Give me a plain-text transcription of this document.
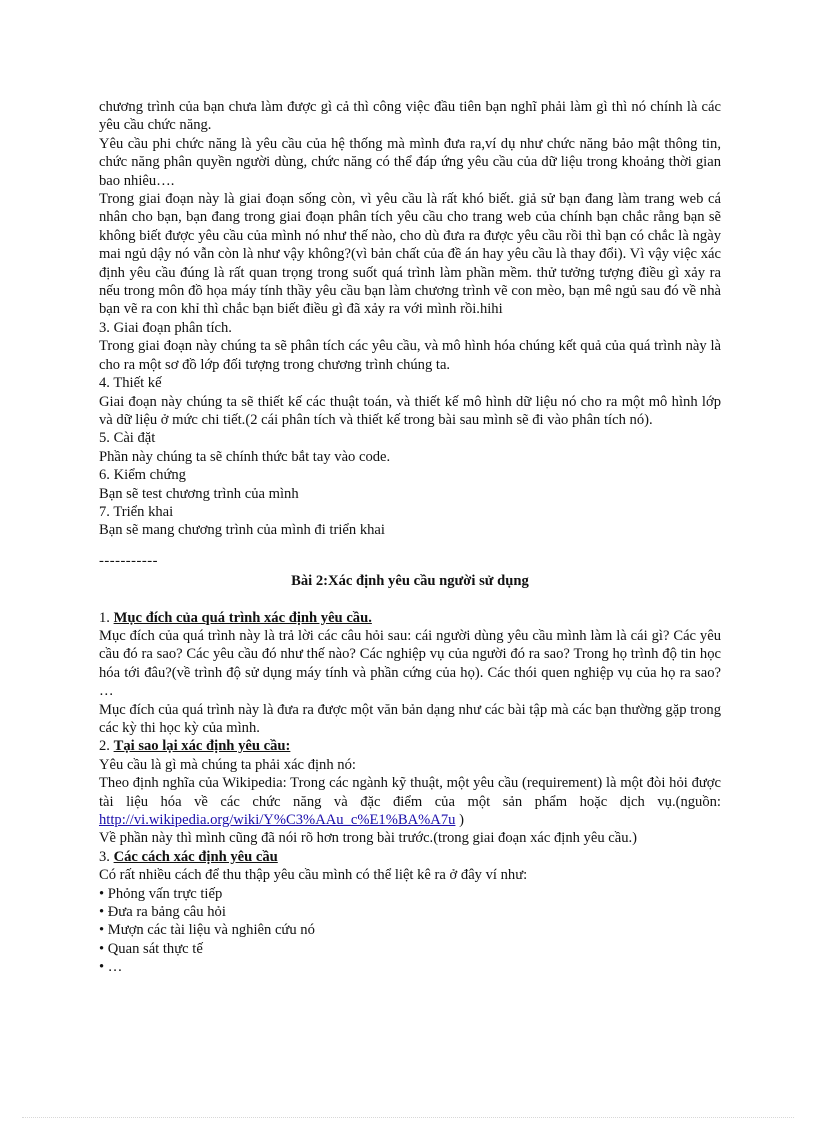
chương trình của bạn chưa làm được gì cả thì công việc đầu tiên bạn nghĩ phải làm gì thì nó chính là các yêu cầu chức năng.

Yêu cầu phi chức năng là yêu cầu của hệ thống mà mình đưa ra,ví dụ như chức năng bảo mật thông tin, chức năng phân quyền người dùng, chức năng có thể đáp ứng yêu cầu của dữ liệu trong khoảng thời gian bao nhiêu….

Trong giai đoạn này là giai đoạn sống còn, vì yêu cầu là rất khó biết. giả sử bạn đang làm trang web cá nhân cho bạn, bạn đang trong giai đoạn phân tích yêu cầu cho trang web của chính bạn chắc rằng bạn sẽ không biết được yêu cầu của mình nó như thế nào, cho dù đưa ra được yêu cầu rồi thì bạn có chắc là ngày mai ngủ dậy nó vẫn còn là như vậy không?(vì bản chất của đề án hay yêu cầu là thay đổi). Vì vậy việc xác định yêu cầu đúng là rất quan trọng trong suốt quá trình làm phần mềm. thử tưởng tượng điều gì xảy ra nếu trong môn đồ họa máy tính thầy yêu cầu bạn làm chương trình vẽ con mèo, bạn mê ngủ sau đó về nhà bạn vẽ ra con khỉ thì chắc bạn biết điều gì đã xảy ra với mình rồi.hihi

3. Giai đoạn phân tích.

Trong giai đoạn này chúng ta sẽ phân tích các yêu cầu, và mô hình hóa chúng kết quả của quá trình này là cho ra một sơ đồ lớp đối tượng trong chương trình chúng ta.

4. Thiết kế

Giai đoạn này chúng ta sẽ thiết kế các thuật toán, và thiết kế mô hình dữ liệu nó cho ra một mô hình lớp và dữ liệu ở mức chi tiết.(2 cái phân tích và thiết kế trong bài sau mình sẽ đi vào phân tích nó).

5. Cài đặt

Phần này chúng ta sẽ chính thức bắt tay vào code.

6. Kiểm chứng

Bạn sẽ test chương trình của mình

7. Triển khai

Bạn sẽ mang chương trình của mình đi triển khai

-----------

Bài 2:Xác định yêu cầu người sử dụng

1. Mục đích của quá trình xác định yêu cầu.

Mục đích của quá trình này là trả lời các câu hỏi sau: cái người dùng yêu cầu mình làm là cái gì? Các yêu cầu đó ra sao? Các yêu cầu đó như thế nào? Các nghiệp vụ của người đó ra sao? Trong họ trình độ tin học hóa tới đâu?(về trình độ sử dụng máy tính và phần cứng của họ). Các thói quen nghiệp vụ của họ ra sao? …

Mục đích của quá trình này là đưa ra được một văn bản dạng như các bài tập mà các bạn thường gặp trong các kỳ thi học kỳ của mình.

2. Tại sao lại xác định yêu cầu:

Yêu cầu là gì mà chúng ta phải xác định nó:

Theo định nghĩa của Wikipedia: Trong các ngành kỹ thuật, một yêu cầu (requirement) là một đòi hỏi được tài liệu hóa về các chức năng và đặc điểm của một sản phẩm hoặc dịch vụ.(nguồn: http://vi.wikipedia.org/wiki/Y%C3%AAu_c%E1%BA%A7u )

Về phần này thì mình cũng đã nói rõ hơn trong bài trước.(trong giai đoạn xác định yêu cầu.)

3. Các cách xác định yêu cầu

Có rất nhiều cách để thu thập yêu cầu mình có thể liệt kê ra ở đây ví như:

• Phỏng vấn trực tiếp

• Đưa ra bảng câu hỏi

• Mượn các tài liệu và nghiên cứu nó

• Quan sát thực tế

• …
